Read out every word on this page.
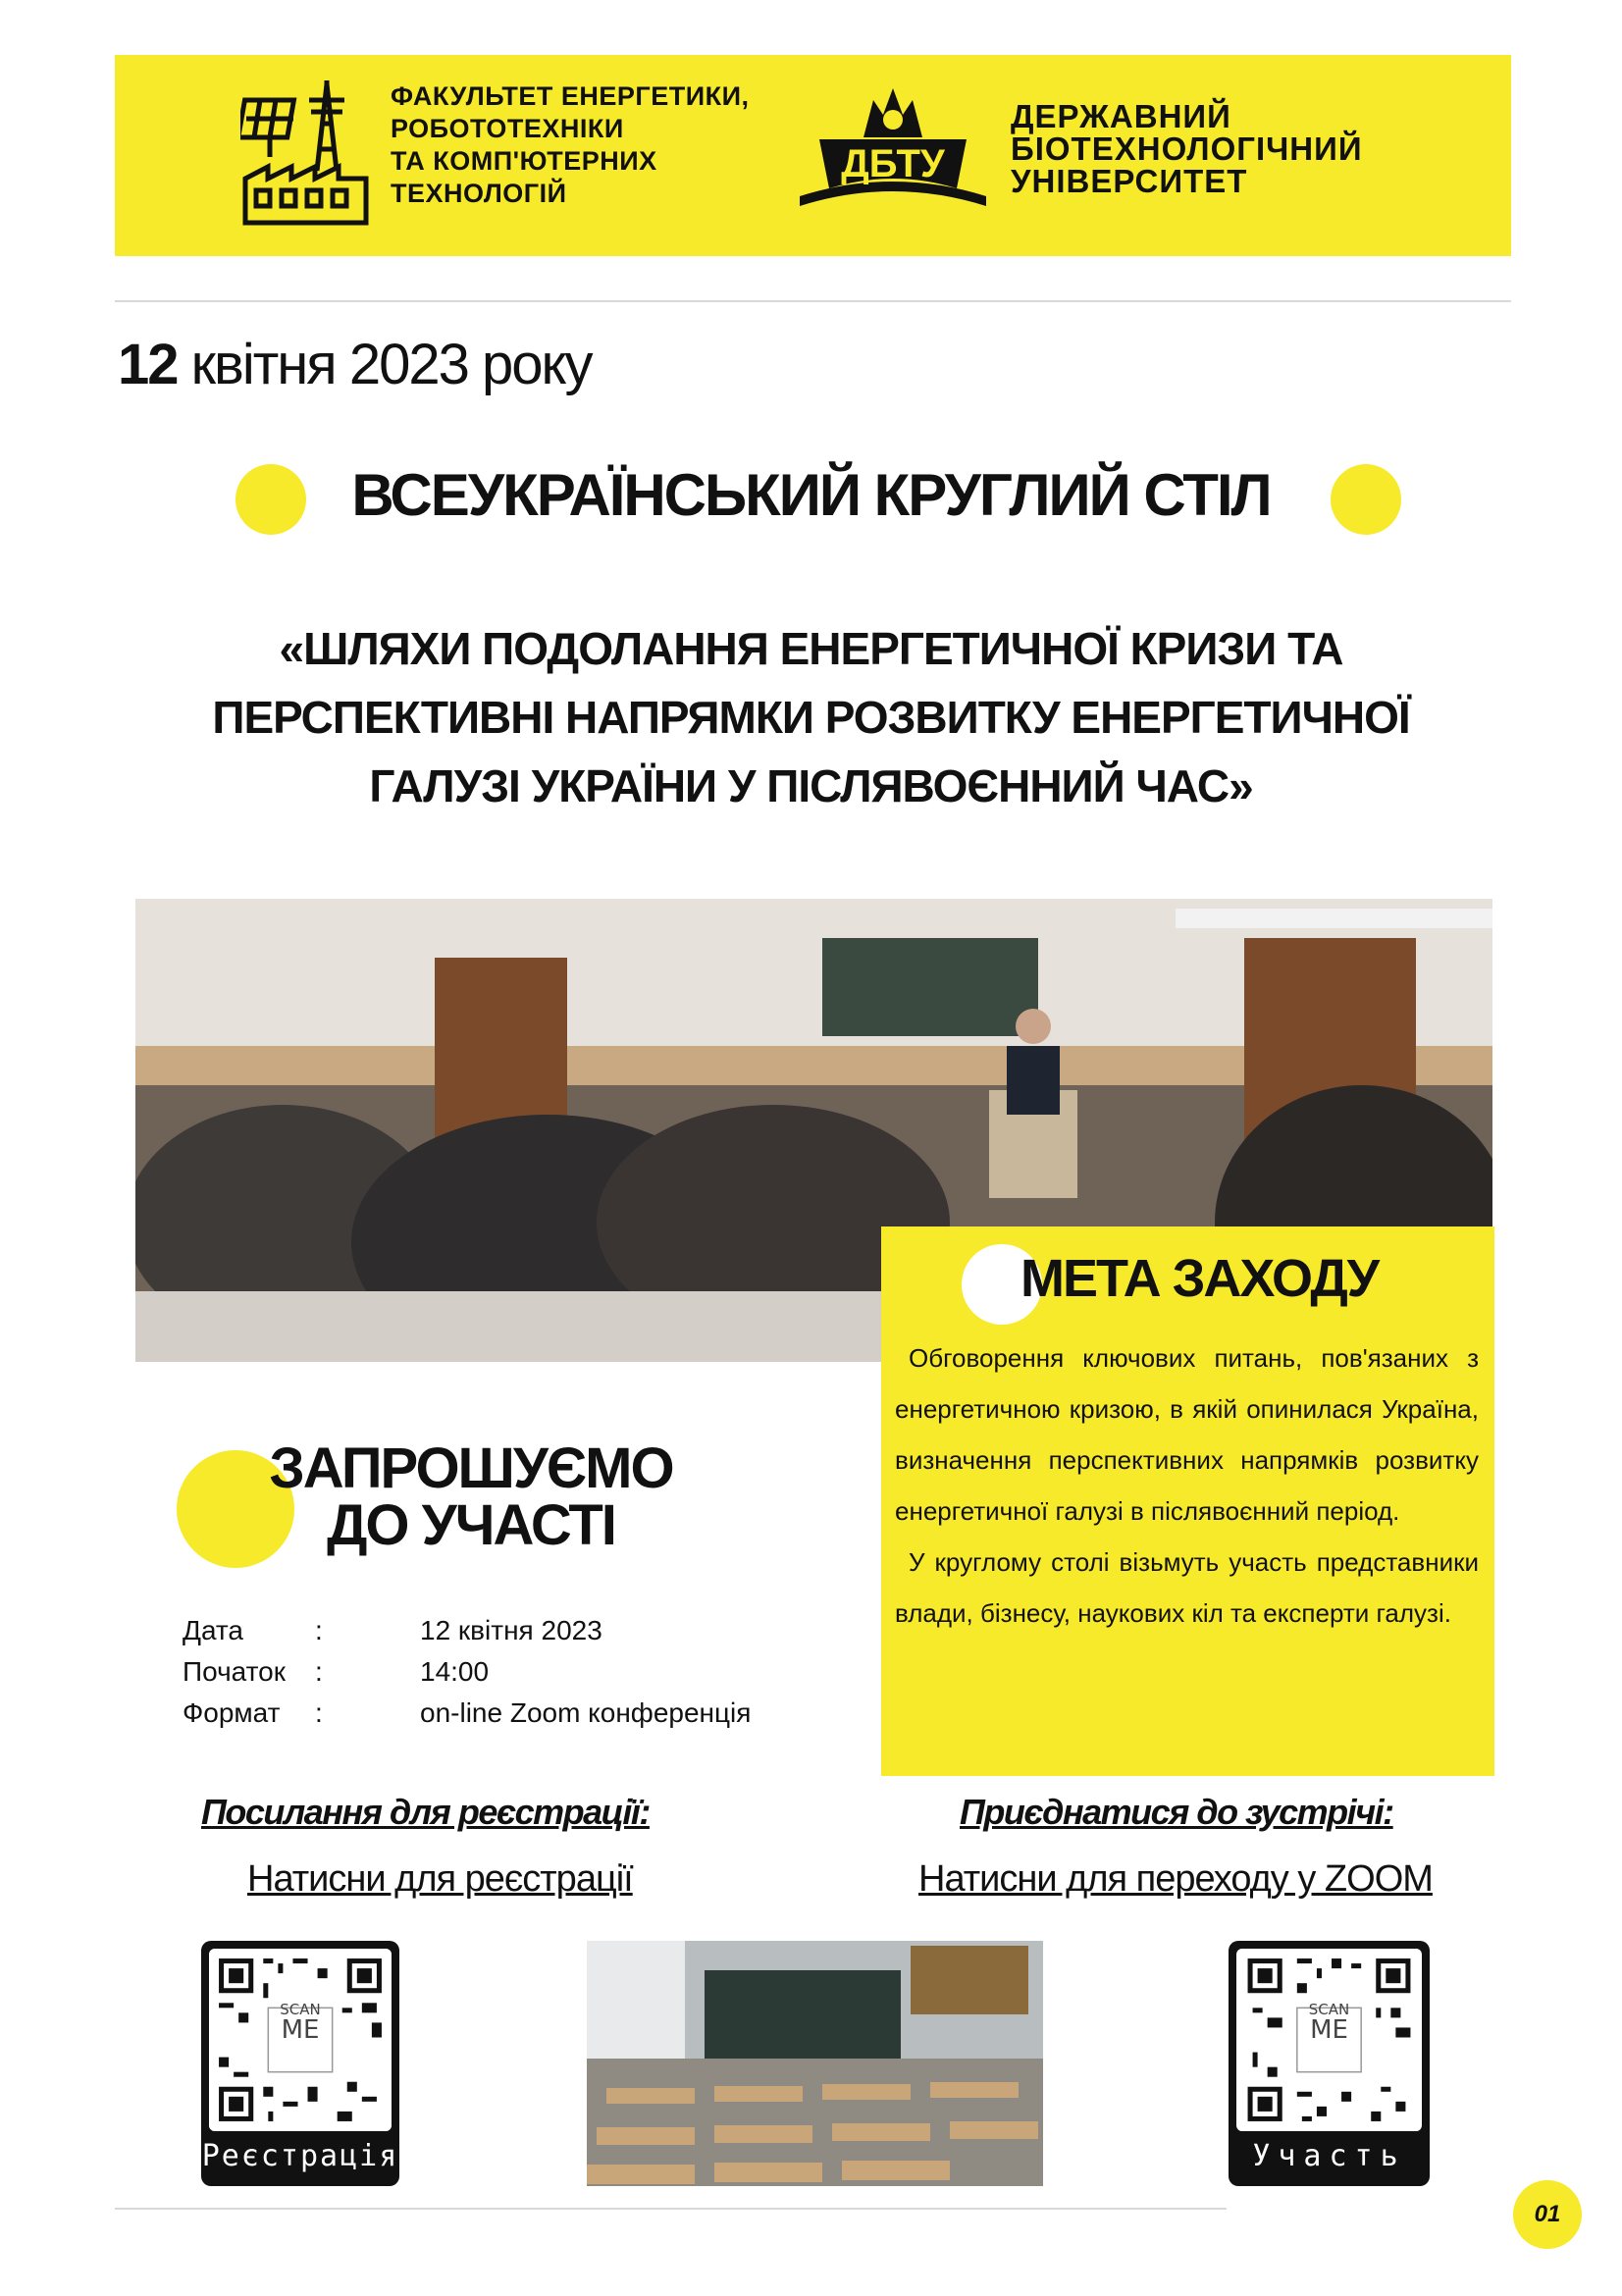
ФАКУЛЬТЕТ ЕНЕРГЕТИКИ,
РОБОТОТЕХНІКИ
ТА КОМП'ЮТЕРНИХ
ТЕХНОЛОГІЙ
ДБТУ
ДЕРЖАВНИЙ
БІОТЕХНОЛОГІЧНИЙ
УНІВЕРСИТЕТ
12 квітня 2023 року
ВСЕУКРАЇНСЬКИЙ КРУГЛИЙ СТІЛ
«ШЛЯХИ ПОДОЛАННЯ ЕНЕРГЕТИЧНОЇ КРИЗИ ТА
ПЕРСПЕКТИВНІ НАПРЯМКИ РОЗВИТКУ ЕНЕРГЕТИЧНОЇ
ГАЛУЗІ УКРАЇНИ У ПІСЛЯВОЄННИЙ ЧАС»
МЕТА ЗАХОДУ

Обговорення ключових питань, пов'язаних з енергетичною кризою, в якій опинилася Україна, визначення перспективних напрямків розвитку енергетичної галузі в післявоєнний період.

У круглому столі візьмуть участь представники влади, бізнесу, наукових кіл та експерти галузі.

ЗАПРОШУЄМО
ДО УЧАСТІ
Дата	:	12 квітня 2023
Початок :	14:00
Формат :	on-line Zoom конференція
Посилання для реєстрації:
Натисни для реєстрації
Приєднатися до зустрічі:
Натисни для переходу у ZOOM
SCAN
ME
Реєстрація
SCAN
ME
Участь
01
